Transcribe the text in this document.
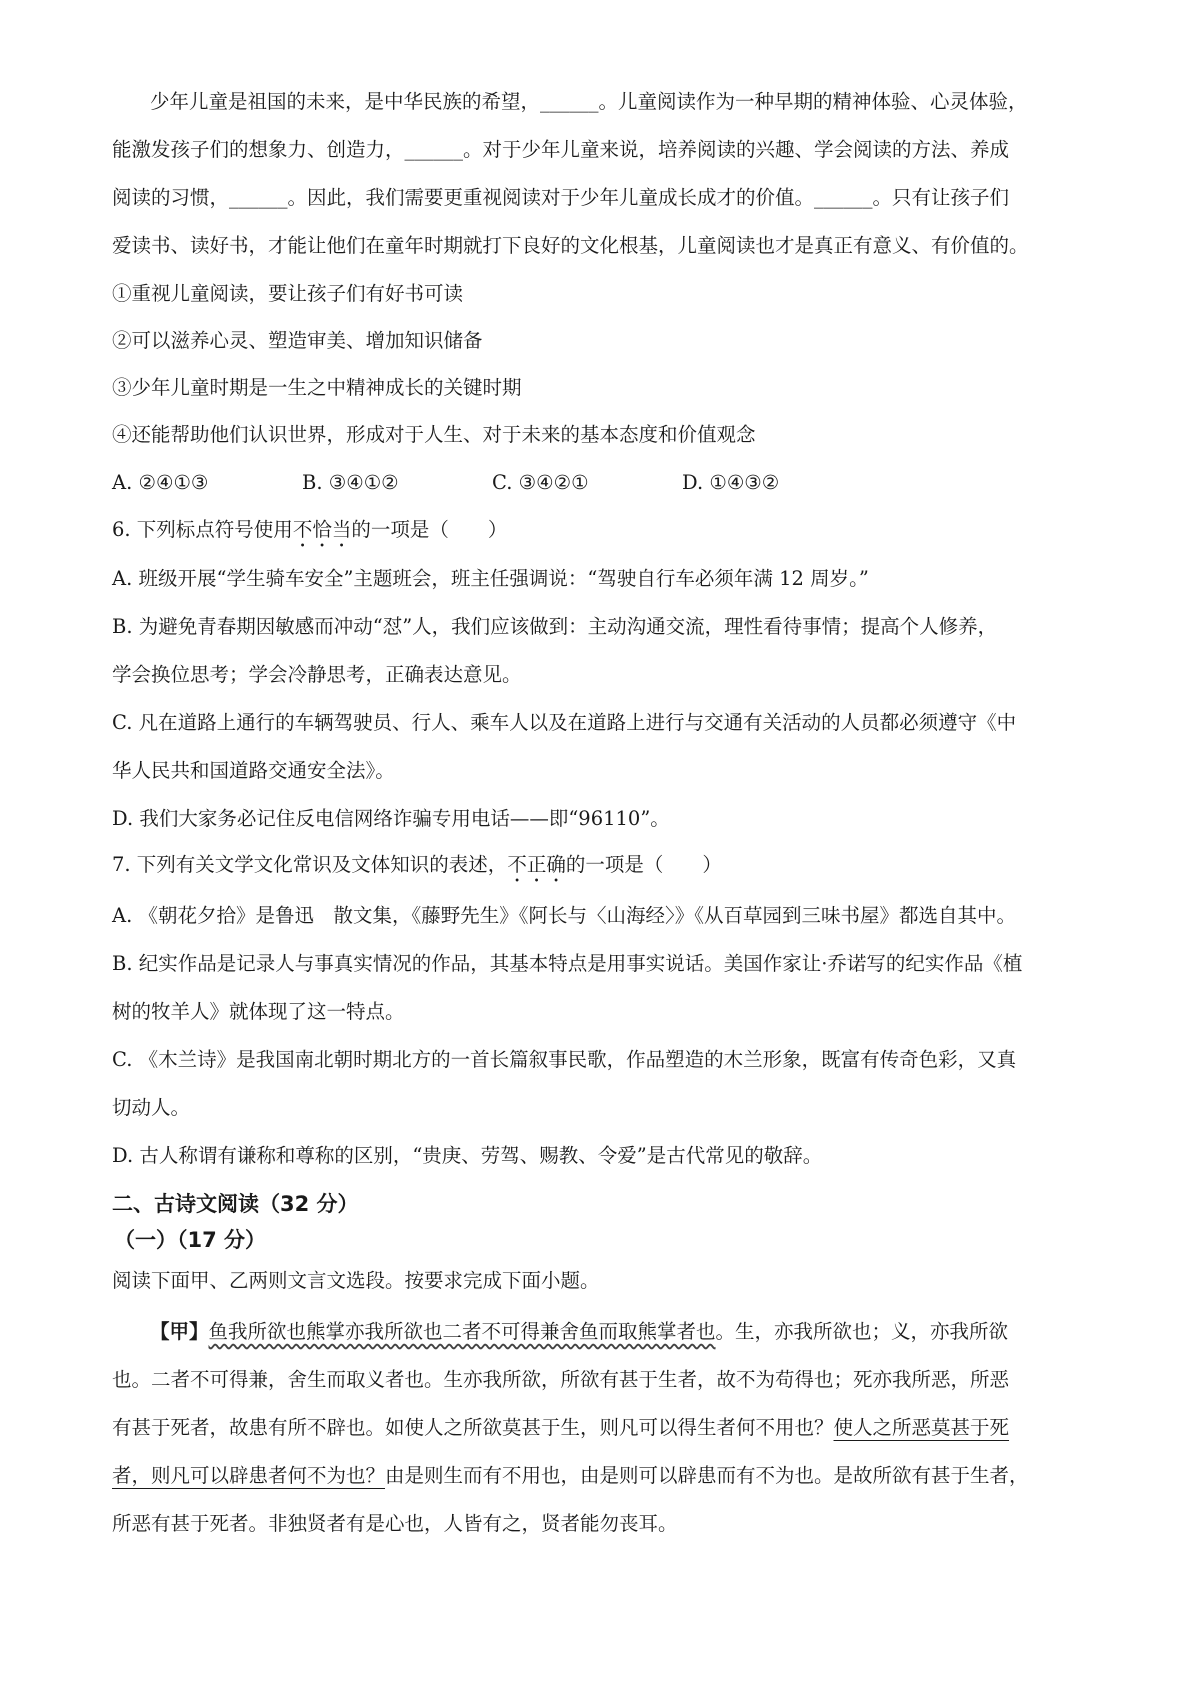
少年儿童是祖国的未来，是中华民族的希望，______。儿童阅读作为一种早期的精神体验、心灵体验，
能激发孩子们的想象力、创造力，______。对于少年儿童来说，培养阅读的兴趣、学会阅读的方法、养成
阅读的习惯，______。因此，我们需要更重视阅读对于少年儿童成长成才的价值。______。只有让孩子们
爱读书、读好书，才能让他们在童年时期就打下良好的文化根基，儿童阅读也才是真正有意义、有价值的。
①重视儿童阅读，要让孩子们有好书可读
②可以滋养心灵、塑造审美、增加知识储备
③少年儿童时期是一生之中精神成长的关键时期
④还能帮助他们认识世界，形成对于人生、对于未来的基本态度和价值观念
A. ②④①③	B. ③④①②	C. ③④②①	D. ①④③②
6. 下列标点符号使用不恰当的一项是（　　）
A. 班级开展“学生骑车安全”主题班会，班主任强调说：“驾驶自行车必须年满 12 周岁。”
B. 为避免青春期因敏感而冲动“怼”人，我们应该做到：主动沟通交流，理性看待事情；提高个人修养，
学会换位思考；学会冷静思考，正确表达意见。
C. 凡在道路上通行的车辆驾驶员、行人、乘车人以及在道路上进行与交通有关活动的人员都必须遵守《中
华人民共和国道路交通安全法》。
D. 我们大家务必记住反电信网络诈骗专用电话——即“96110”。
7. 下列有关文学文化常识及文体知识的表述，不正确的一项是（　　）
A. 《朝花夕拾》是鲁迅　散文集，《藤野先生》《阿长与〈山海经〉》《从百草园到三味书屋》都选自其中。
B. 纪实作品是记录人与事真实情况的作品，其基本特点是用事实说话。美国作家让·乔诺写的纪实作品《植
树的牧羊人》就体现了这一特点。
C. 《木兰诗》是我国南北朝时期北方的一首长篇叙事民歌，作品塑造的木兰形象，既富有传奇色彩，又真
切动人。
D. 古人称谓有谦称和尊称的区别，“贵庚、劳驾、赐教、令爱”是古代常见的敬辞。
二、古诗文阅读（32 分）
（一）（17 分）
阅读下面甲、乙两则文言文选段。按要求完成下面小题。
【甲】鱼我所欲也熊掌亦我所欲也二者不可得兼舍鱼而取熊掌者也。生，亦我所欲也；义，亦我所欲
也。二者不可得兼，舍生而取义者也。生亦我所欲，所欲有甚于生者，故不为苟得也；死亦我所恶，所恶
有甚于死者，故患有所不辟也。如使人之所欲莫甚于生，则凡可以得生者何不用也？使人之所恶莫甚于死
者，则凡可以辟患者何不为也？由是则生而有不用也，由是则可以辟患而有不为也。是故所欲有甚于生者，
所恶有甚于死者。非独贤者有是心也，人皆有之，贤者能勿丧耳。
